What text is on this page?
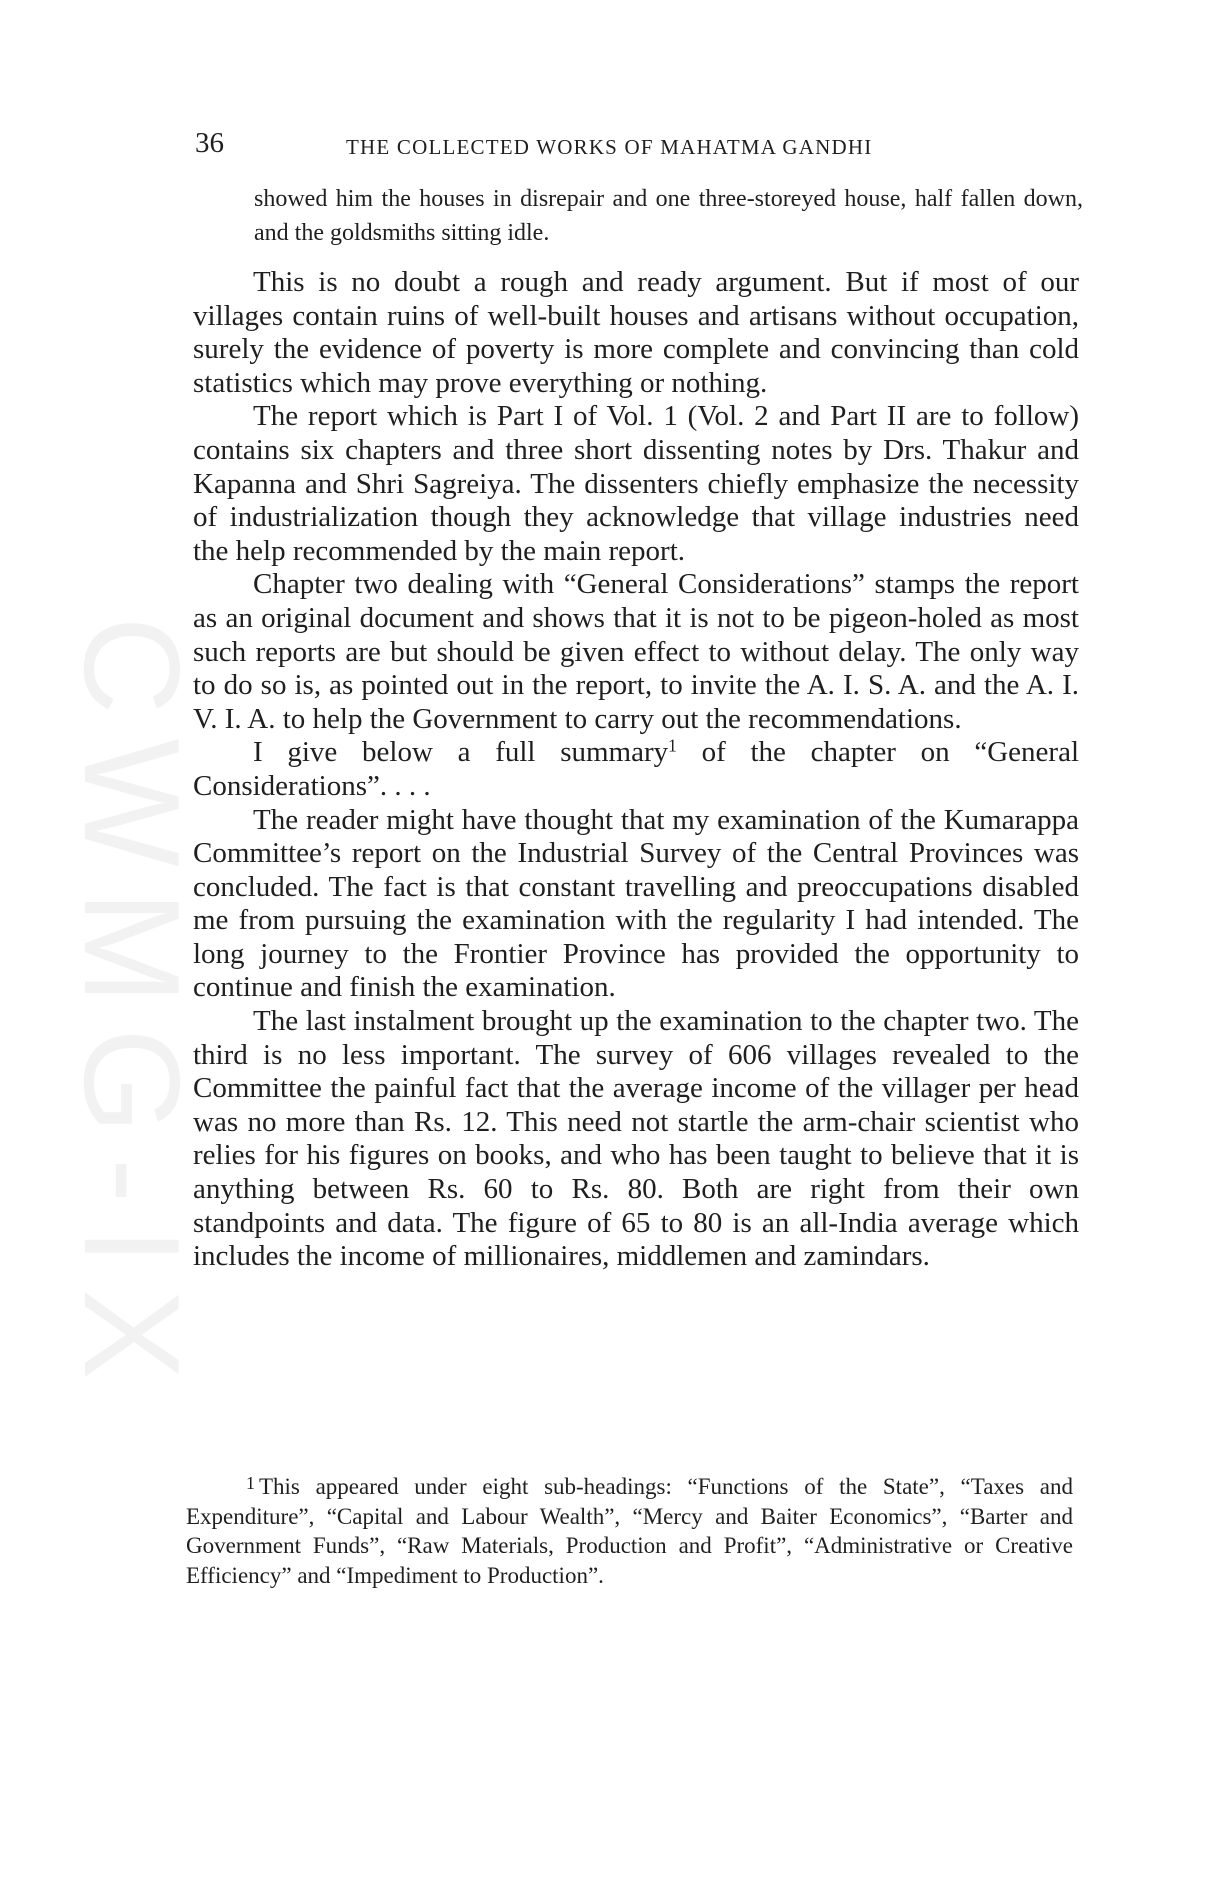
CWMG-IX
36	THE COLLECTED WORKS OF MAHATMA GANDHI

showed him the houses in disrepair and one three-storeyed house, half fallen down, and the goldsmiths sitting idle.

This is no doubt a rough and ready argument. But if most of our villages contain ruins of well-built houses and artisans without occupation, surely the evidence of poverty is more complete and convincing than cold statistics which may prove everything or nothing.

The report which is Part I of Vol. 1 (Vol. 2 and Part II are to follow) contains six chapters and three short dissenting notes by Drs. Thakur and Kapanna and Shri Sagreiya. The dissenters chiefly emphasize the necessity of industrialization though they acknowledge that village industries need the help recommended by the main report.

Chapter two dealing with “General Considerations” stamps the report as an original document and shows that it is not to be pigeon-holed as most such reports are but should be given effect to without delay. The only way to do so is, as pointed out in the report, to invite the A. I. S. A. and the A. I. V. I. A. to help the Government to carry out the recommendations.

I give below a full summary$^1$ of the chapter on “General Considerations”. . . .

The reader might have thought that my examination of the Kumarappa Committee’s report on the Industrial Survey of the Central Provinces was concluded. The fact is that constant travelling and preoccupations disabled me from pursuing the examination with the regularity I had intended. The long journey to the Frontier Province has provided the opportunity to continue and finish the examination.

The last instalment brought up the examination to the chapter two. The third is no less important. The survey of 606 villages revealed to the Committee the painful fact that the average income of the villager per head was no more than Rs. 12. This need not startle the arm-chair scientist who relies for his figures on books, and who has been taught to believe that it is anything between Rs. 60 to Rs. 80. Both are right from their own standpoints and data. The figure of 65 to 80 is an all-India average which includes the income of millionaires, middlemen and zamindars.

$^1$ This appeared under eight sub-headings: “Functions of the State”, “Taxes and Expenditure”, “Capital and Labour Wealth”, “Mercy and Baiter Economics”, “Barter and Government Funds”, “Raw Materials, Production and Profit”, “Administrative or Creative Efficiency” and “Impediment to Production”.
